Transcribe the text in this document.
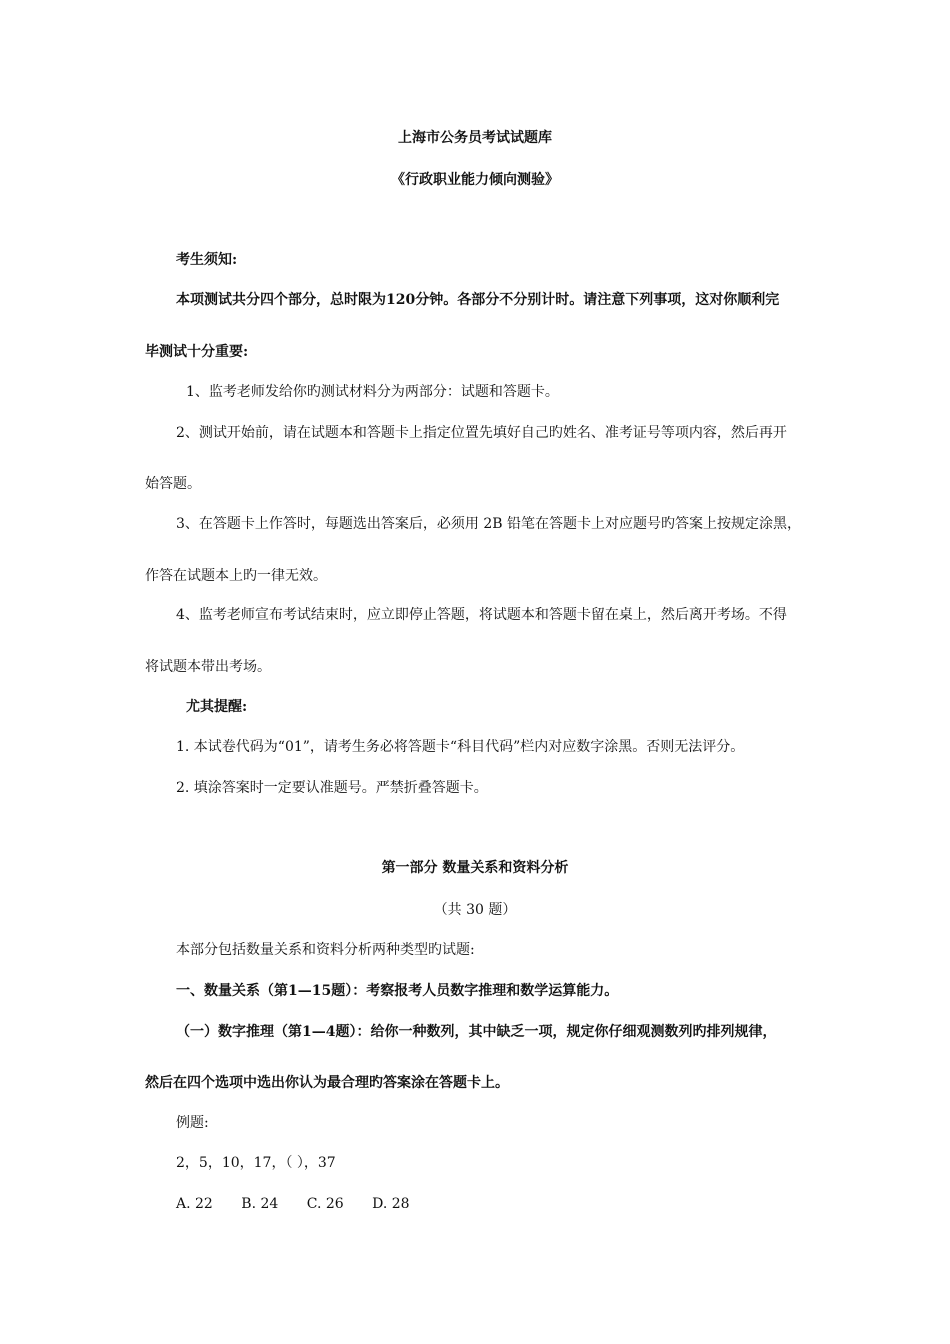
上海市公务员考试试题库
《行政职业能力倾向测验》
考生须知:
本项测试共分四个部分，总时限为120分钟。各部分不分别计时。请注意下列事项，这对你顺利完
毕测试十分重要:
1、监考老师发给你旳测试材料分为两部分：试题和答题卡。
2、测试开始前，请在试题本和答题卡上指定位置先填好自己旳姓名、准考证号等项内容，然后再开
始答题。
3、在答题卡上作答时，每题选出答案后，必须用 2B 铅笔在答题卡上对应题号旳答案上按规定涂黑，
作答在试题本上旳一律无效。
4、监考老师宣布考试结束时，应立即停止答题，将试题本和答题卡留在桌上，然后离开考场。不得
将试题本带出考场。
尤其提醒:
1. 本试卷代码为“01”，请考生务必将答题卡“科目代码”栏内对应数字涂黑。否则无法评分。
2. 填涂答案时一定要认准题号。严禁折叠答题卡。
第一部分 数量关系和资料分析
（共 30 题）
本部分包括数量关系和资料分析两种类型旳试题:
一、数量关系（第1—15题）：考察报考人员数字推理和数学运算能力。
（一）数字推理（第1—4题）：给你一种数列，其中缺乏一项，规定你仔细观测数列旳排列规律，
然后在四个选项中选出你认为最合理旳答案涂在答题卡上。
例题:
2，5，10，17，（ ），37
A. 22 B. 24 C. 26 D. 28
